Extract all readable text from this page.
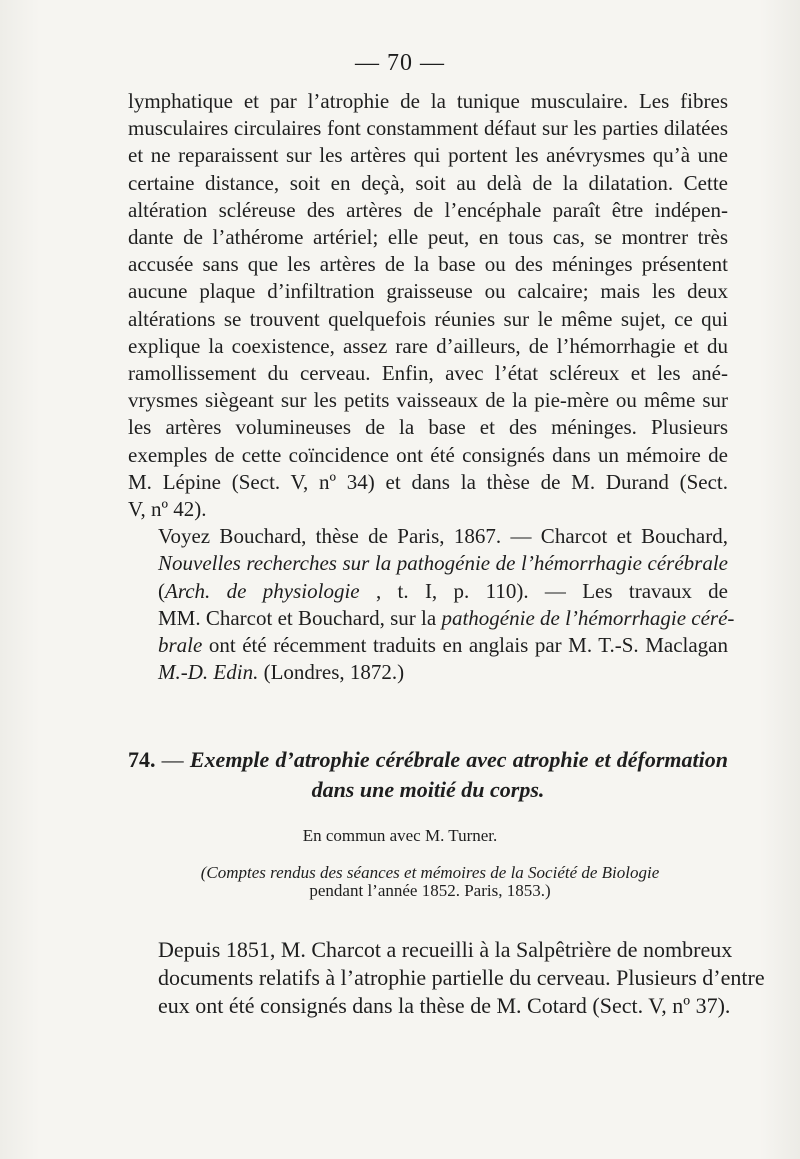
— 70 —

lymphatique et par l’atrophie de la tunique musculaire. Les fibres
musculaires circulaires font constamment défaut sur les parties dilatées
et ne reparaissent sur les artères qui portent les anévrysmes qu’à une
certaine distance, soit en deçà, soit au delà de la dilatation. Cette
altération scléreuse des artères de l’encéphale paraît être indépen-
dante de l’athérome artériel; elle peut, en tous cas, se montrer très
accusée sans que les artères de la base ou des méninges présentent
aucune plaque d’infiltration graisseuse ou calcaire; mais les deux
altérations se trouvent quelquefois réunies sur le même sujet, ce qui
explique la coexistence, assez rare d’ailleurs, de l’hémorrhagie et du
ramollissement du cerveau. Enfin, avec l’état scléreux et les ané-
vrysmes siègeant sur les petits vaisseaux de la pie-mère ou même sur
les artères volumineuses de la base et des méninges. Plusieurs
exemples de cette coïncidence ont été consignés dans un mémoire de
M. Lépine (Sect. V, nº 34) et dans la thèse de M. Durand (Sect.
V, nº 42).

Voyez Bouchard, thèse de Paris, 1867. — Charcot et Bouchard,
Nouvelles recherches sur la pathogénie de l’hémorrhagie cérébrale
(Arch. de physiologie , t. I, p. 110). — Les travaux de
MM. Charcot et Bouchard, sur la pathogénie de l’hémorrhagie céré-
brale ont été récemment traduits en anglais par M. T.-S. Maclagan
M.-D. Edin. (Londres, 1872.)

74. — Exemple d’atrophie cérébrale avec atrophie et déformation
dans une moitié du corps.
En commun avec M. Turner.
(Comptes rendus des séances et mémoires de la Société de Biologie
pendant l’année 1852. Paris, 1853.)

Depuis 1851, M. Charcot a recueilli à la Salpêtrière de nombreux
documents relatifs à l’atrophie partielle du cerveau. Plusieurs d’entre
eux ont été consignés dans la thèse de M. Cotard (Sect. V, nº 37).
